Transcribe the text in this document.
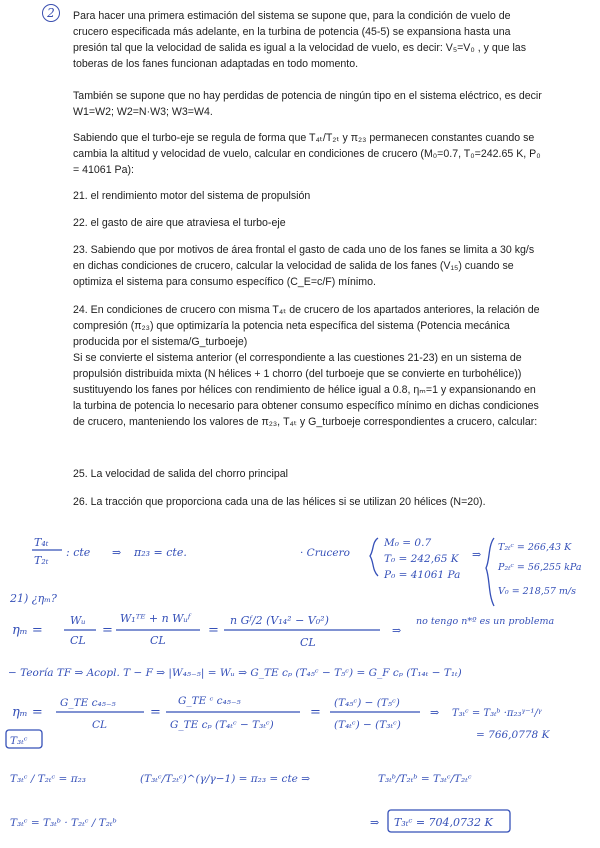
2	Para hacer una primera estimación del sistema se supone que, para la condición de vuelo de crucero especificada más adelante, en la turbina de potencia (45-5) se expansiona hasta una presión tal que la velocidad de salida es igual a la velocidad de vuelo, es decir: V₅=V₀ , y que las toberas de los fanes funcionan adaptadas en todo momento.

También se supone que no hay perdidas de potencia de ningún tipo en el sistema eléctrico, es decir W1=W2; W2=N·W3; W3=W4.

Sabiendo que el turbo-eje se regula de forma que T₄ₜ/T₂ₜ y π₂₃ permanecen constantes cuando se cambia la altitud y velocidad de vuelo, calcular en condiciones de crucero (M₀=0.7, T₀=242.65 K, P₀ = 41061 Pa):

21. el rendimiento motor del sistema de propulsión
22. el gasto de aire que atraviesa el turbo-eje
23. Sabiendo que por motivos de área frontal el gasto de cada uno de los fanes se limita a 30 kg/s en dichas condiciones de crucero, calcular la velocidad de salida de los fanes (V₁₅) cuando se optimiza el sistema para consumo específico (C_E=c/F) mínimo.
24. En condiciones de crucero con misma T₄ₜ de crucero de los apartados anteriores, la relación de compresión (π₂₃) que optimizaría la potencia neta específica del sistema (Potencia mecánica producida por el sistema/G_turboeje)
Si se convierte el sistema anterior (el correspondiente a las cuestiones 21-23) en un sistema de propulsión distribuida mixta (N hélices + 1 chorro (del turboeje que se convierte en turbohélice)) sustituyendo los fanes por hélices con rendimiento de hélice igual a 0.8, ηₘ=1 y expansionando en la turbina de potencia lo necesario para obtener consumo específico mínimo en dichas condiciones de crucero, manteniendo los valores de π₂₃, T₄ₜ y G_turboeje correspondientes a crucero, calcular:
25. La velocidad de salida del chorro principal
26. La tracción que proporciona cada una de las hélices si se utilizan 20 hélices (N=20).
T₄ₜ
T₂ₜ
: cte ⇒ π₂₃ = cte.	· Crucero
M₀ = 0.7
T₀ = 242,65 K
P₀ = 41061 Pa
⇒
T₂ₜᶜ = 266,43 K
P₂ₜᶜ = 56,255 kPa
V₀ = 218,57 m/s
21) ¿ηₘ?
ηₘ =
Wᵤ
CL
=
W₁ᵀᴱ + n Wᵤᶠ
CL
=
n Gᶠ/2 (V₁₄² − V₀²)
CL
⇒
no tengo n*º es un problema
− Teoría TF ⇒ Acopl. T − F ⇒ |W₄₅₋₅| = Wᵤ ⇒ G_TE cₚ (T₄₅ᶜ − T₅ᶜ) = G_F cₚ (T₁₄ₜ − T₁ₜ)
ηₘ =
G_TE c₄₅₋₅
CL
=
G_TE ᶜ c₄₅₋₅
G_TE cₚ (T₄ₜᶜ − T₃ₜᶜ)
=
(T₄₅ᶜ) − (T₅ᶜ)
(T₄ₜᶜ) − (T₃ₜᶜ)
⇒ T₃ₜᶜ = T₃ₜᵇ ·π₂₃ᵞ⁻¹/ᵞ
= 766,0778 K
T₃ₜᶜ
T₃ₜᶜ / T₂ₜᶜ = π₂₃	(T₃ₜᶜ/T₂ₜᶜ)^(γ/γ−1) = π₂₃ = cte ⇒	T₃ₜᵇ/T₂ₜᵇ = T₃ₜᶜ/T₂ₜᶜ
T₃ₜᶜ = T₃ₜᵇ · T₂ₜᶜ / T₂ₜᵇ	⇒ T₃ₜᶜ = 704,0732 K
